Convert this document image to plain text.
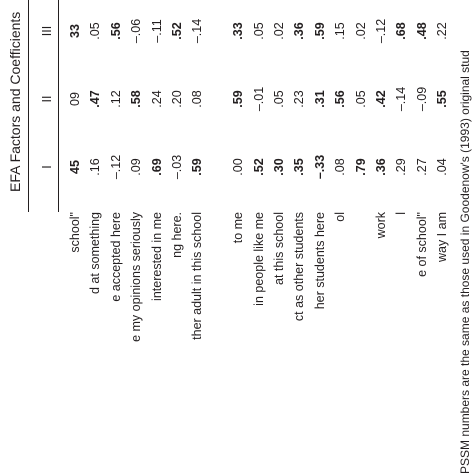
EFA Factors and Coefficients I
II
III
school"
45
09
33
d at something
.16
.47
.05
e accepted here
–.12
.12
.56
e my opinions seriously
.09
.58
–.06
interested in me
.69
.24
–.11
ng here.
–.03
.20
.52
ther adult in this school
.59
.08
–.14
to me
.00
.59
.33
in people like me
.52
–.01
.05
at this school
.30
.05
.02
ct as other students
.35
.23
.36
her students here
–.33
.31
.59
ol
.08
.56
.15
.79
.05
.02
work
.36
.42
–.12
l
.29
–.14
.68
e of school"
.27
–.09
.48
way I am
.04
.55
.22
PSSM numbers are the same as those used in Goodenow's (1993) original stud
